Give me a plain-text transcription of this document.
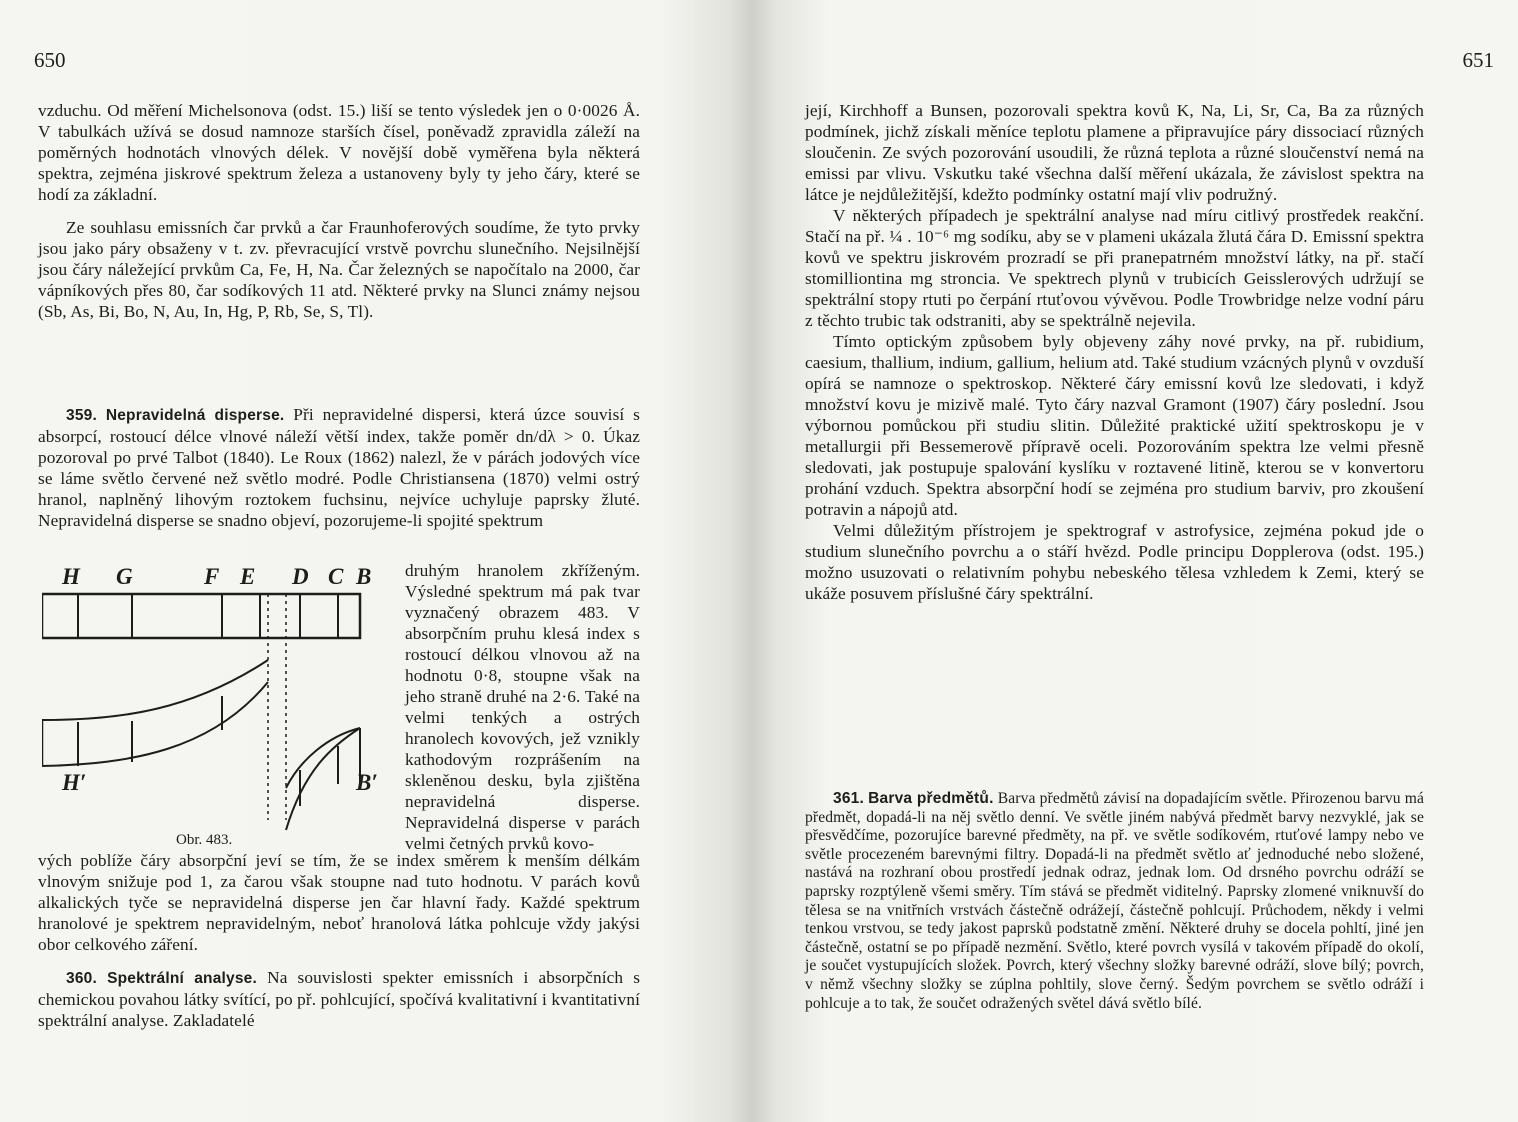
650

vzduchu. Od měření Michelsonova (odst. 15.) liší se tento výsledek jen o 0·0026 Å. V tabulkách užívá se dosud namnoze starších čísel, poněvadž zpravidla záleží na poměrných hodnotách vlnových délek. V novější době vyměřena byla některá spektra, zejména jiskrové spektrum železa a ustanoveny byly ty jeho čáry, které se hodí za základní.

Ze souhlasu emissních čar prvků a čar Fraunhoferových soudíme, že tyto prvky jsou jako páry obsaženy v t. zv. převracující vrstvě povrchu slunečního. Nejsilnější jsou čáry náležející prvkům Ca, Fe, H, Na. Čar železných se napočítalo na 2000, čar vápníkových přes 80, čar sodíkových 11 atd. Některé prvky na Slunci známy nejsou (Sb, As, Bi, Bo, N, Au, In, Hg, P, Rb, Se, S, Tl).

359. Nepravidelná disperse. Při nepravidelné dispersi, která úzce souvisí s absorpcí, rostoucí délce vlnové náleží větší index, takže poměr dn/dλ > 0. Úkaz pozoroval po prvé Talbot (1840). Le Roux (1862) nalezl, že v párách jodových více se láme světlo červené než světlo modré. Podle Christiansena (1870) velmi ostrý hranol, naplněný lihovým roztokem fuchsinu, nejvíce uchyluje paprsky žluté. Nepravidelná disperse se snadno objeví, pozorujeme-li spojité spektrum

H G	F E D C B
H′	B′
Obr. 483.
druhým hranolem zkříženým. Výsledné spektrum má pak tvar vyznačený obrazem 483. V absorpčním pruhu klesá index s rostoucí délkou vlnovou až na hodnotu 0·8, stoupne však na jeho straně druhé na 2·6. Také na velmi tenkých a ostrých hranolech kovových, jež vznikly kathodovým rozprášením na skleněnou desku, byla zjištěna nepravidelná disperse. Nepravidelná disperse v parách velmi četných prvků kovo-

vých poblíže čáry absorpční jeví se tím, že se index směrem k menším délkám vlnovým snižuje pod 1, za čarou však stoupne nad tuto hodnotu. V parách kovů alkalických tyče se nepravidelná disperse jen čar hlavní řady. Každé spektrum hranolové je spektrem nepravidelným, neboť hranolová látka pohlcuje vždy jakýsi obor celkového záření.

360. Spektrální analyse. Na souvislosti spekter emissních i absorpčních s chemickou povahou látky svítící, po př. pohlcující, spočívá kvalitativní i kvantitativní spektrální analyse. Zakladatelé

651

její, Kirchhoff a Bunsen, pozorovali spektra kovů K, Na, Li, Sr, Ca, Ba za různých podmínek, jichž získali měníce teplotu plamene a připravujíce páry dissociací různých sloučenin. Ze svých pozorování usoudili, že různá teplota a různé sloučenství nemá na emissi par vlivu. Vskutku také všechna další měření ukázala, že závislost spektra na látce je nejdůležitější, kdežto podmínky ostatní mají vliv podružný.

V některých případech je spektrální analyse nad míru citlivý prostředek reakční. Stačí na př. ¼ . 10⁻⁶ mg sodíku, aby se v plameni ukázala žlutá čára D. Emissní spektra kovů ve spektru jiskrovém prozradí se při pranepatrném množství látky, na př. stačí stomilliontina mg stroncia. Ve spektrech plynů v trubicích Geisslerových udržují se spektrální stopy rtuti po čerpání rtuťovou vývěvou. Podle Trowbridge nelze vodní páru z těchto trubic tak odstraniti, aby se spektrálně nejevila.

Tímto optickým způsobem byly objeveny záhy nové prvky, na př. rubidium, caesium, thallium, indium, gallium, helium atd. Také studium vzácných plynů v ovzduší opírá se namnoze o spektroskop. Některé čáry emissní kovů lze sledovati, i když množství kovu je mizivě malé. Tyto čáry nazval Gramont (1907) čáry poslední. Jsou výbornou pomůckou při studiu slitin. Důležité praktické užití spektroskopu je v metallurgii při Bessemerově přípravě oceli. Pozorováním spektra lze velmi přesně sledovati, jak postupuje spalování kyslíku v roztavené litině, kterou se v konvertoru prohání vzduch. Spektra absorpční hodí se zejména pro studium barviv, pro zkoušení potravin a nápojů atd.

Velmi důležitým přístrojem je spektrograf v astrofysice, zejména pokud jde o studium slunečního povrchu a o stáří hvězd. Podle principu Dopplerova (odst. 195.) možno usuzovati o relativním pohybu nebeského tělesa vzhledem k Zemi, který se ukáže posuvem příslušné čáry spektrální.

361. Barva předmětů. Barva předmětů závisí na dopadajícím světle. Přirozenou barvu má předmět, dopadá-li na něj světlo denní. Ve světle jiném nabývá předmět barvy nezvyklé, jak se přesvědčíme, pozorujíce barevné předměty, na př. ve světle sodíkovém, rtuťové lampy nebo ve světle procezeném barevnými filtry. Dopadá-li na předmět světlo ať jednoduché nebo složené, nastává na rozhraní obou prostředí jednak odraz, jednak lom. Od drsného povrchu odráží se paprsky rozptýleně všemi směry. Tím stává se předmět viditelný. Paprsky zlomené vniknuvší do tělesa se na vnitřních vrstvách částečně odrážejí, částečně pohlcují. Průchodem, někdy i velmi tenkou vrstvou, se tedy jakost paprsků podstatně změní. Některé druhy se docela pohltí, jiné jen částečně, ostatní se po případě nezmění. Světlo, které povrch vysílá v takovém případě do okolí, je součet vystupujících složek. Povrch, který všechny složky barevné odráží, slove bílý; povrch, v němž všechny složky se zúplna pohltily, slove černý. Šedým povrchem se světlo odráží i pohlcuje a to tak, že součet odražených světel dává světlo bílé.
